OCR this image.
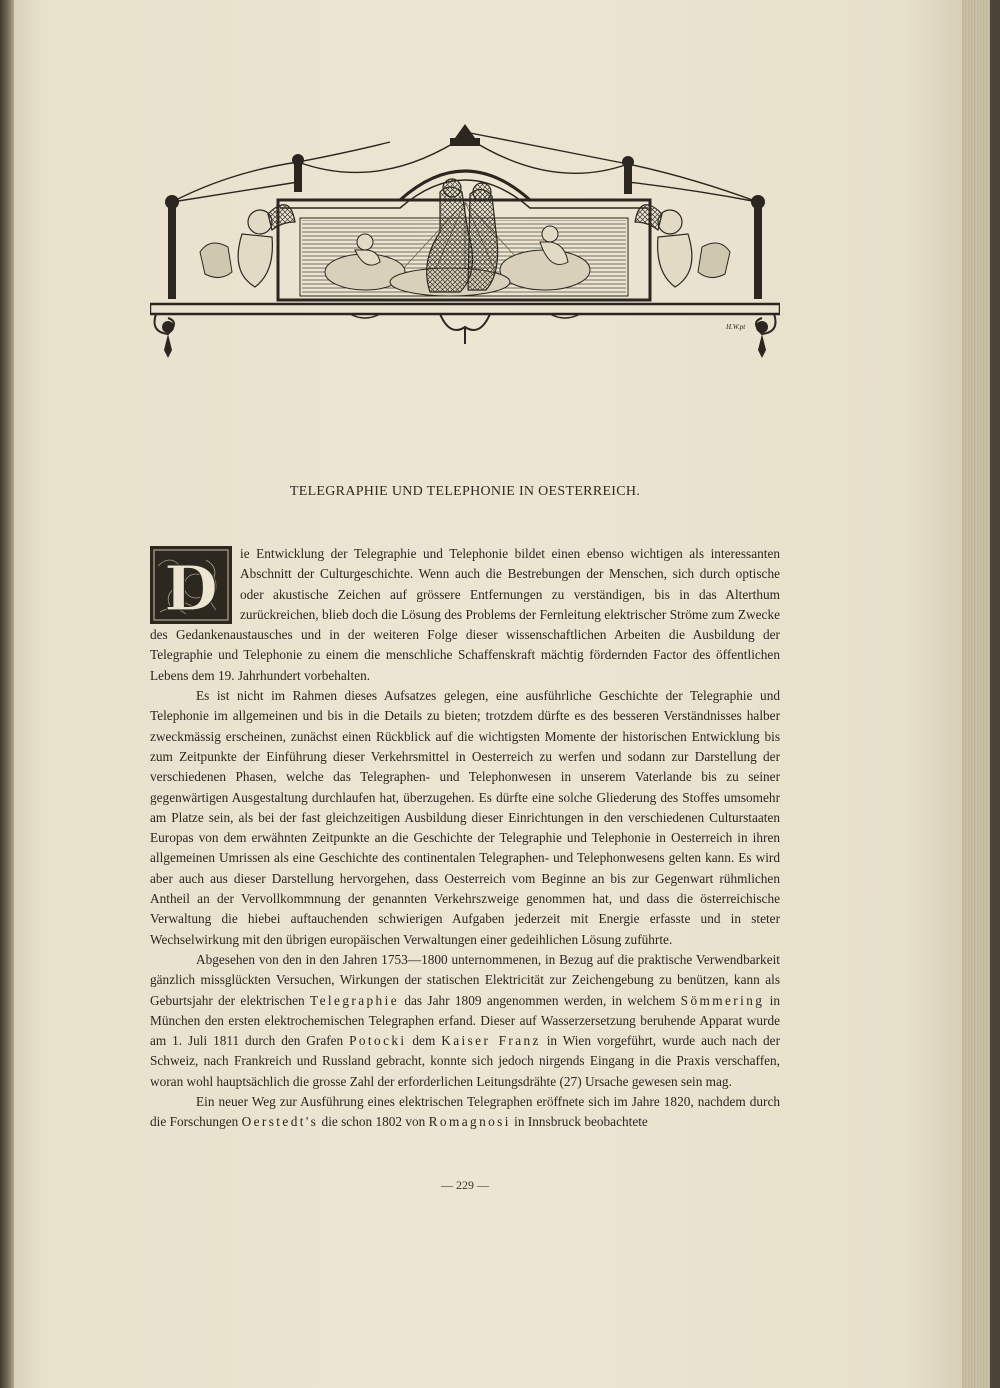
H.W.pt
TELEGRAPHIE UND TELEPHONIE IN OESTERREICH.
D	ie Entwicklung der Telegraphie und Telephonie bildet einen ebenso wichtigen als interessanten Abschnitt der Culturgeschichte. Wenn auch die Bestrebungen der Menschen, sich durch optische oder akustische Zeichen auf grössere Entfernungen zu verständigen, bis in das Alterthum zurückreichen, blieb doch die Lösung des Problems der Fernleitung elektrischer Ströme zum Zwecke des Gedankenaustausches und in der weiteren Folge dieser wissenschaftlichen Arbeiten die Ausbildung der Telegraphie und Telephonie zu einem die menschliche Schaffenskraft mächtig fördernden Factor des öffentlichen Lebens dem 19. Jahrhundert vorbehalten.

Es ist nicht im Rahmen dieses Aufsatzes gelegen, eine ausführliche Geschichte der Telegraphie und Telephonie im allgemeinen und bis in die Details zu bieten; trotzdem dürfte es des besseren Verständnisses halber zweckmässig erscheinen, zunächst einen Rückblick auf die wichtigsten Momente der historischen Entwicklung bis zum Zeitpunkte der Einführung dieser Verkehrsmittel in Oesterreich zu werfen und sodann zur Darstellung der verschiedenen Phasen, welche das Telegraphen- und Telephonwesen in unserem Vaterlande bis zu seiner gegenwärtigen Ausgestaltung durchlaufen hat, überzugehen. Es dürfte eine solche Gliederung des Stoffes umsomehr am Platze sein, als bei der fast gleichzeitigen Ausbildung dieser Einrichtungen in den verschiedenen Culturstaaten Europas von dem erwähnten Zeitpunkte an die Geschichte der Telegraphie und Telephonie in Oesterreich in ihren allgemeinen Umrissen als eine Geschichte des continentalen Telegraphen- und Telephonwesens gelten kann. Es wird aber auch aus dieser Darstellung hervorgehen, dass Oesterreich vom Beginne an bis zur Gegenwart rühmlichen Antheil an der Vervollkommnung der genannten Verkehrszweige genommen hat, und dass die österreichische Verwaltung die hiebei auftauchenden schwierigen Aufgaben jederzeit mit Energie erfasste und in steter Wechselwirkung mit den übrigen europäischen Verwaltungen einer gedeihlichen Lösung zuführte.

Abgesehen von den in den Jahren 1753—1800 unternommenen, in Bezug auf die praktische Verwendbarkeit gänzlich missglückten Versuchen, Wirkungen der statischen Elektricität zur Zeichengebung zu benützen, kann als Geburtsjahr der elektrischen Telegraphie das Jahr 1809 angenommen werden, in welchem Sömmering in München den ersten elektrochemischen Telegraphen erfand. Dieser auf Wasserzersetzung beruhende Apparat wurde am 1. Juli 1811 durch den Grafen Potocki dem Kaiser Franz in Wien vorgeführt, wurde auch nach der Schweiz, nach Frankreich und Russland gebracht, konnte sich jedoch nirgends Eingang in die Praxis verschaffen, woran wohl hauptsächlich die grosse Zahl der erforderlichen Leitungsdrähte (27) Ursache gewesen sein mag.

Ein neuer Weg zur Ausführung eines elektrischen Telegraphen eröffnete sich im Jahre 1820, nachdem durch die Forschungen Oerstedt's die schon 1802 von Romagnosi in Innsbruck beobachtete

— 229 —
